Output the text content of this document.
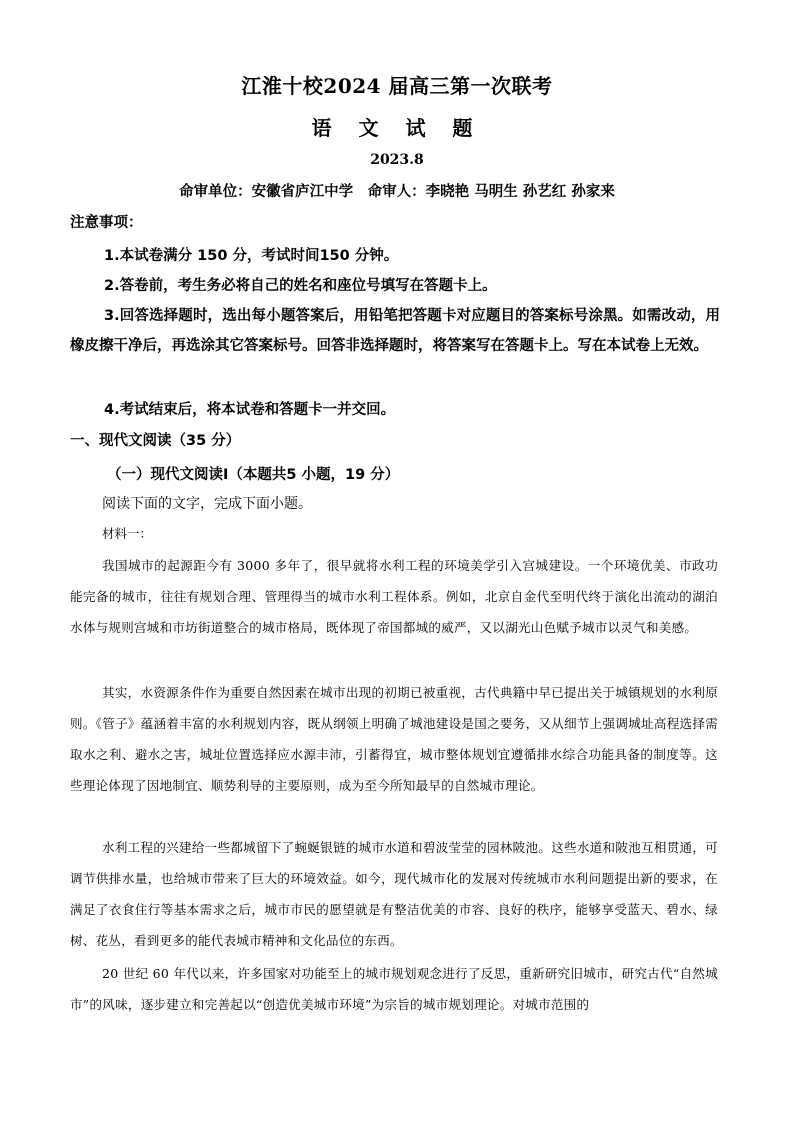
江淮十校2024 届高三第一次联考
语 文 试 题
2023.8
命审单位：安徽省庐江中学　命审人：李晓艳 马明生 孙艺红 孙家来
注意事项：
1.本试卷满分 150 分，考试时间150 分钟。
2.答卷前，考生务必将自己的姓名和座位号填写在答题卡上。
3.回答选择题时，选出每小题答案后，用铅笔把答题卡对应题目的答案标号涂黑。如需改动，用橡皮擦干净后，再选涂其它答案标号。回答非选择题时，将答案写在答题卡上。写在本试卷上无效。
4.考试结束后，将本试卷和答题卡一并交回。
一、现代文阅读（35 分）
（一）现代文阅读Ⅰ（本题共5 小题，19 分）
阅读下面的文字，完成下面小题。
材料一：
我国城市的起源距今有 3000 多年了，很早就将水利工程的环境美学引入宫城建设。一个环境优美、市政功能完备的城市，往往有规划合理、管理得当的城市水利工程体系。例如，北京自金代至明代终于演化出流动的湖泊水体与规则宫城和市坊街道整合的城市格局，既体现了帝国都城的威严，又以湖光山色赋予城市以灵气和美感。
其实，水资源条件作为重要自然因素在城市出现的初期已被重视，古代典籍中早已提出关于城镇规划的水利原则。《管子》蕴涵着丰富的水利规划内容，既从纲领上明确了城池建设是国之要务，又从细节上强调城址高程选择需取水之利、避水之害，城址位置选择应水源丰沛，引蓄得宜，城市整体规划宜遵循排水综合功能具备的制度等。这些理论体现了因地制宜、顺势利导的主要原则，成为至今所知最早的自然城市理论。
水利工程的兴建给一些都城留下了蜿蜒银链的城市水道和碧波莹莹的园林陂池。这些水道和陂池互相贯通，可调节供排水量，也给城市带来了巨大的环境效益。如今，现代城市化的发展对传统城市水利问题提出新的要求，在满足了衣食住行等基本需求之后，城市市民的愿望就是有整洁优美的市容、良好的秩序，能够享受蓝天、碧水、绿树、花丛，看到更多的能代表城市精神和文化品位的东西。
20 世纪 60 年代以来，许多国家对功能至上的城市规划观念进行了反思，重新研究旧城市，研究古代“自然城市”的风味，逐步建立和完善起以“创造优美城市环境”为宗旨的城市规划理论。对城市范围的
